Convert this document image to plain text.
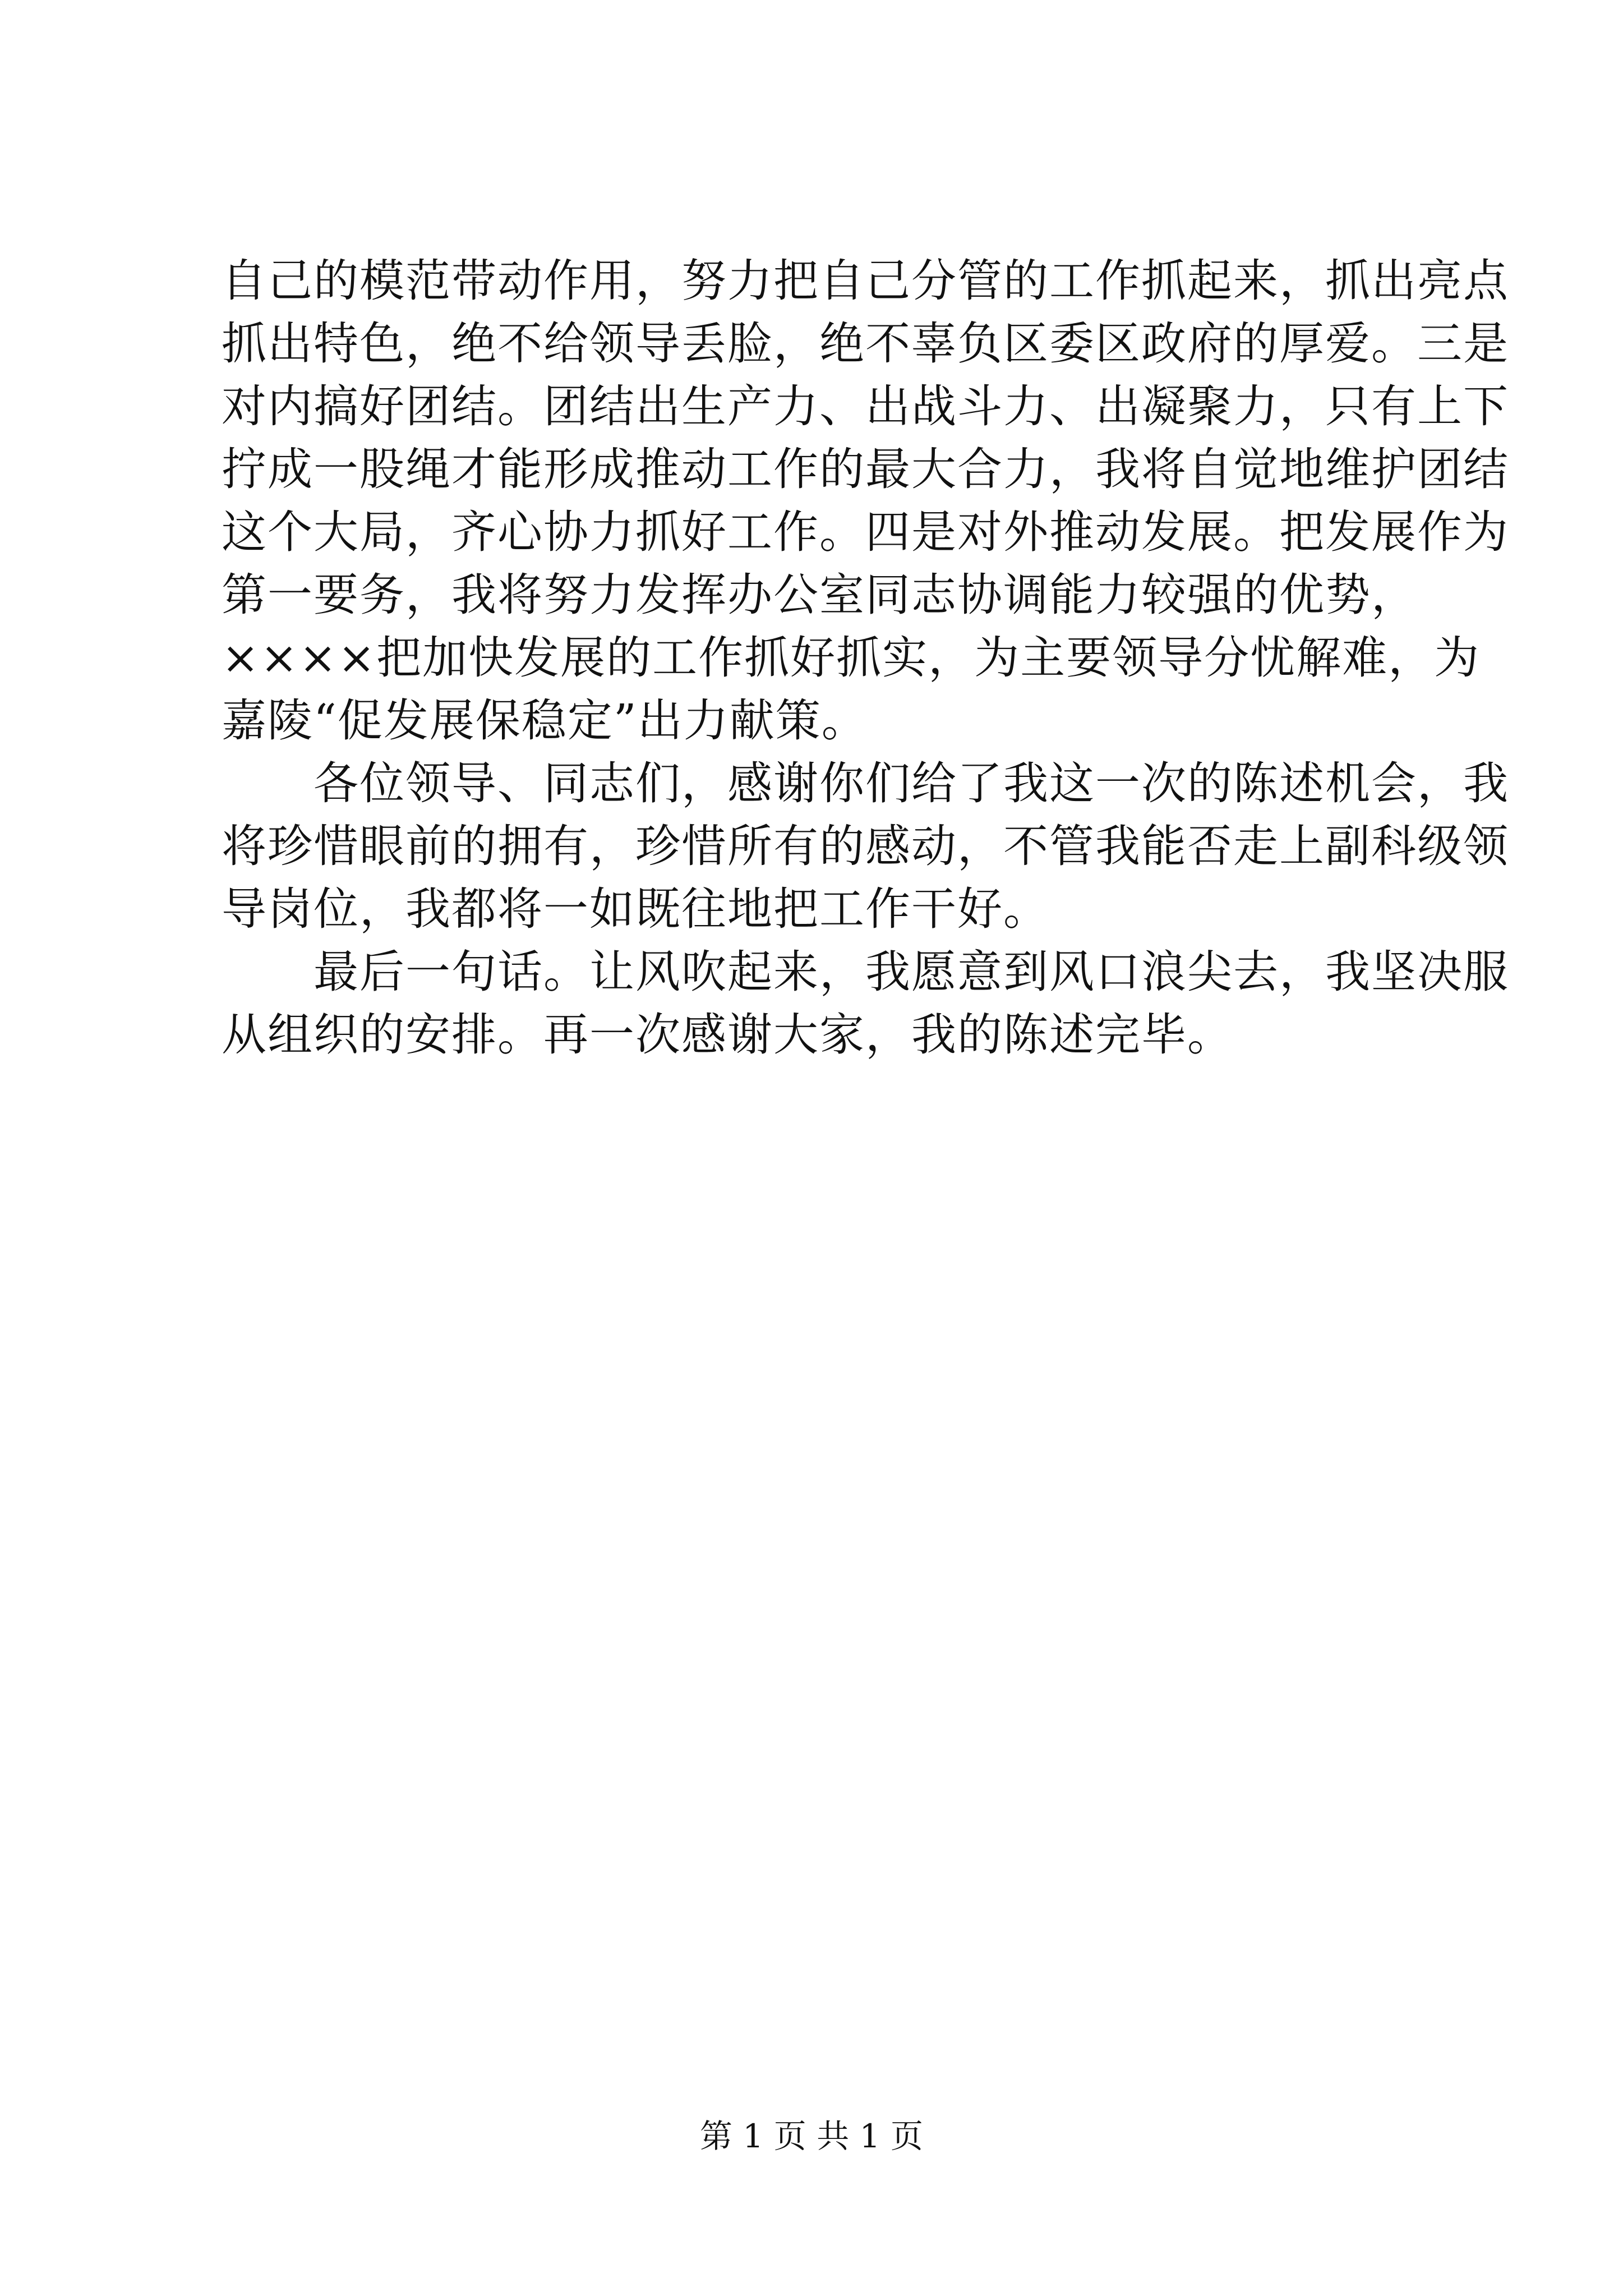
自己的模范带动作用，努力把自己分管的工作抓起来，抓出亮点
抓出特色，绝不给领导丢脸，绝不辜负区委区政府的厚爱。三是
对内搞好团结。团结出生产力、出战斗力、出凝聚力，只有上下
拧成一股绳才能形成推动工作的最大合力，我将自觉地维护团结
这个大局，齐心协力抓好工作。四是对外推动发展。把发展作为
第一要务，我将努力发挥办公室同志协调能力较强的优势，
××××把加快发展的工作抓好抓实，为主要领导分忧解难，为
嘉陵“促发展保稳定”出力献策。
　　各位领导、同志们，感谢你们给了我这一次的陈述机会，我
将珍惜眼前的拥有，珍惜所有的感动，不管我能否走上副科级领
导岗位，我都将一如既往地把工作干好。
　　最后一句话。让风吹起来，我愿意到风口浪尖去，我坚决服
从组织的安排。再一次感谢大家，我的陈述完毕。
第 1 页 共 1 页
